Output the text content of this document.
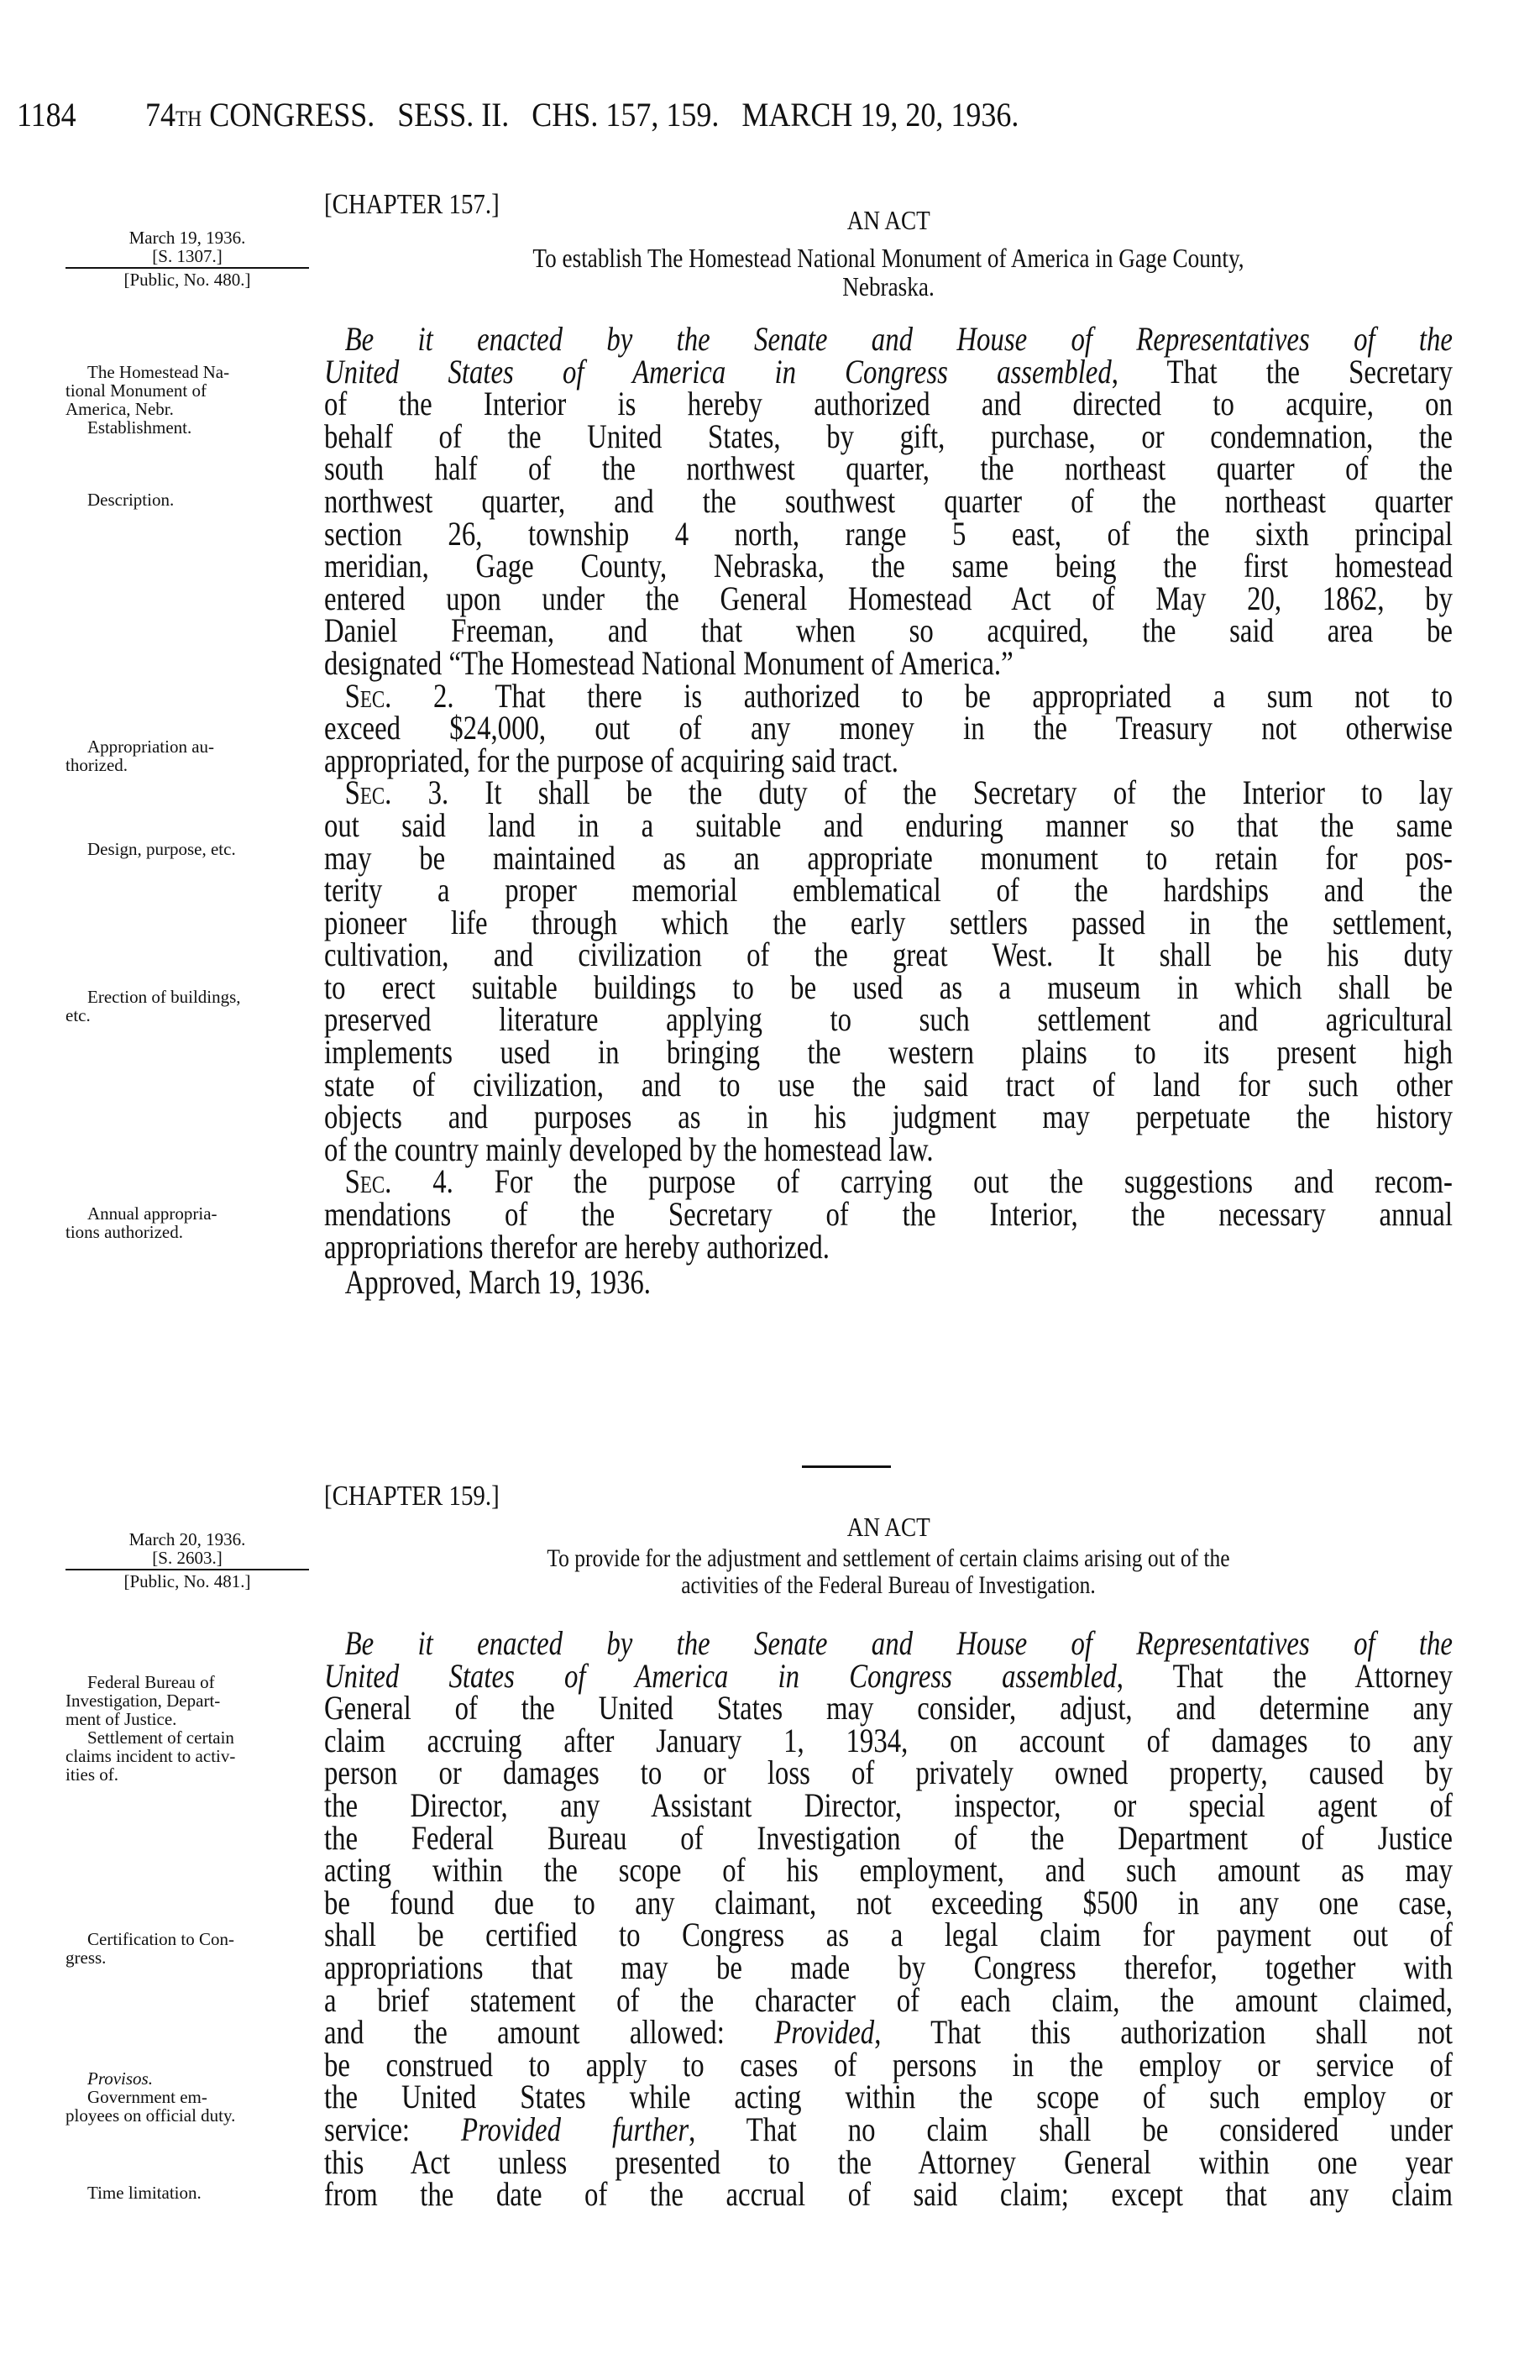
1184 74TH CONGRESS.   SESS. II.   CHS. 157, 159.   MARCH 19, 20, 1936.
[CHAPTER 157.]	AN ACT
To establish The Homestead National Monument of America in Gage County,
Nebraska.
March 19, 1936.
[S. 1307.]
[Public, No. 480.]
The Homestead Na-
tional Monument of
America, Nebr.
Establishment.
Description.
Appropriation au-
thorized.
Design, purpose, etc.
Erection of buildings,
etc.
Annual appropria-
tions authorized.
Be it enacted by the Senate and House of Representatives of the
United States of America in Congress assembled, That the Secretary
of the Interior is hereby authorized and directed to acquire, on
behalf of the United States, by gift, purchase, or condemnation, the
south half of the northwest quarter, the northeast quarter of the
northwest quarter, and the southwest quarter of the northeast quarter
section 26, township 4 north, range 5 east, of the sixth principal
meridian, Gage County, Nebraska, the same being the first homestead
entered upon under the General Homestead Act of May 20, 1862, by
Daniel Freeman, and that when so acquired, the said area be
designated “The Homestead National Monument of America.”
Sec. 2. That there is authorized to be appropriated a sum not to
exceed $24,000, out of any money in the Treasury not otherwise
appropriated, for the purpose of acquiring said tract.
Sec. 3. It shall be the duty of the Secretary of the Interior to lay
out said land in a suitable and enduring manner so that the same
may be maintained as an appropriate monument to retain for pos-
terity a proper memorial emblematical of the hardships and the
pioneer life through which the early settlers passed in the settlement,
cultivation, and civilization of the great West. It shall be his duty
to erect suitable buildings to be used as a museum in which shall be
preserved literature applying to such settlement and agricultural
implements used in bringing the western plains to its present high
state of civilization, and to use the said tract of land for such other
objects and purposes as in his judgment may perpetuate the history
of the country mainly developed by the homestead law.
Sec. 4. For the purpose of carrying out the suggestions and recom-
mendations of the Secretary of the Interior, the necessary annual
appropriations therefor are hereby authorized.
Approved, March 19, 1936.
[CHAPTER 159.]
AN ACT
To provide for the adjustment and settlement of certain claims arising out of the
activities of the Federal Bureau of Investigation.
March 20, 1936.
[S. 2603.]
[Public, No. 481.]
Federal Bureau of
Investigation, Depart-
ment of Justice.
Settlement of certain
claims incident to activ-
ities of.
Certification to Con-
gress.
Provisos.
Government em-
ployees on official duty.
Time limitation.
Be it enacted by the Senate and House of Representatives of the
United States of America in Congress assembled, That the Attorney
General of the United States may consider, adjust, and determine any
claim accruing after January 1, 1934, on account of damages to any
person or damages to or loss of privately owned property, caused by
the Director, any Assistant Director, inspector, or special agent of
the Federal Bureau of Investigation of the Department of Justice
acting within the scope of his employment, and such amount as may
be found due to any claimant, not exceeding $500 in any one case,
shall be certified to Congress as a legal claim for payment out of
appropriations that may be made by Congress therefor, together with
a brief statement of the character of each claim, the amount claimed,
and the amount allowed: Provided, That this authorization shall not
be construed to apply to cases of persons in the employ or service of
the United States while acting within the scope of such employ or
service: Provided further, That no claim shall be considered under
this Act unless presented to the Attorney General within one year
from the date of the accrual of said claim; except that any claim
